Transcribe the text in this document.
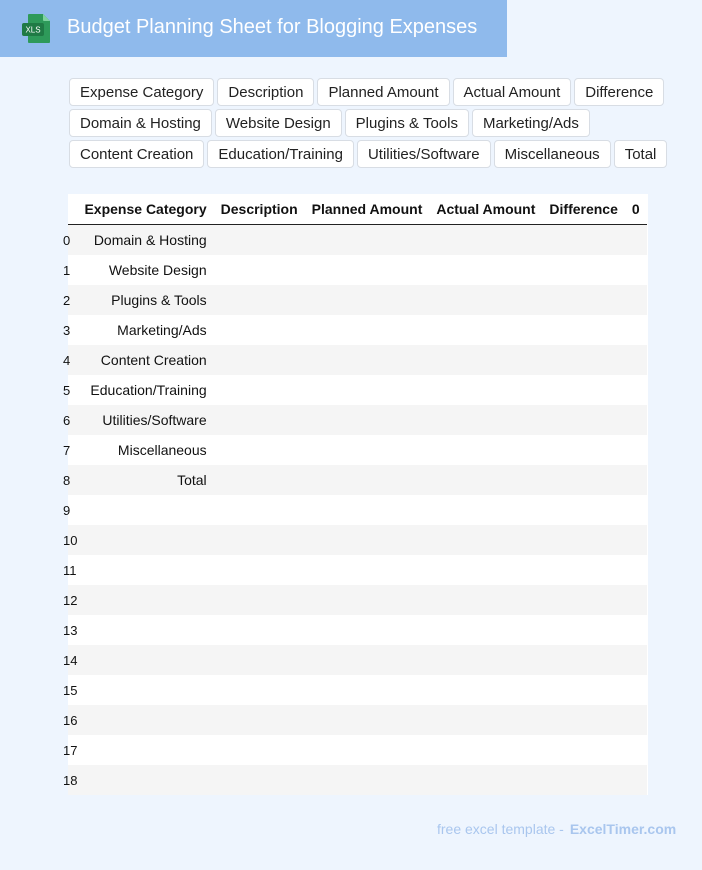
XLS Budget Planning Sheet for Blogging Expenses
Expense Category	Description	Planned Amount	Actual Amount	Difference
Domain & Hosting	Website Design	Plugins & Tools	Marketing/Ads
Content Creation	Education/Training	Utilities/Software	Miscellaneous	Total
	Expense Category	Description	Planned Amount	Actual Amount	Difference	0
0	Domain & Hosting					
1	Website Design					
2	Plugins & Tools					
3	Marketing/Ads					
4	Content Creation					
5	Education/Training					
6	Utilities/Software					
7	Miscellaneous					
8	Total					
9						
10						
11						
12						
13						
14						
15						
16						
17						
18						
free excel template - ExcelTimer.com
